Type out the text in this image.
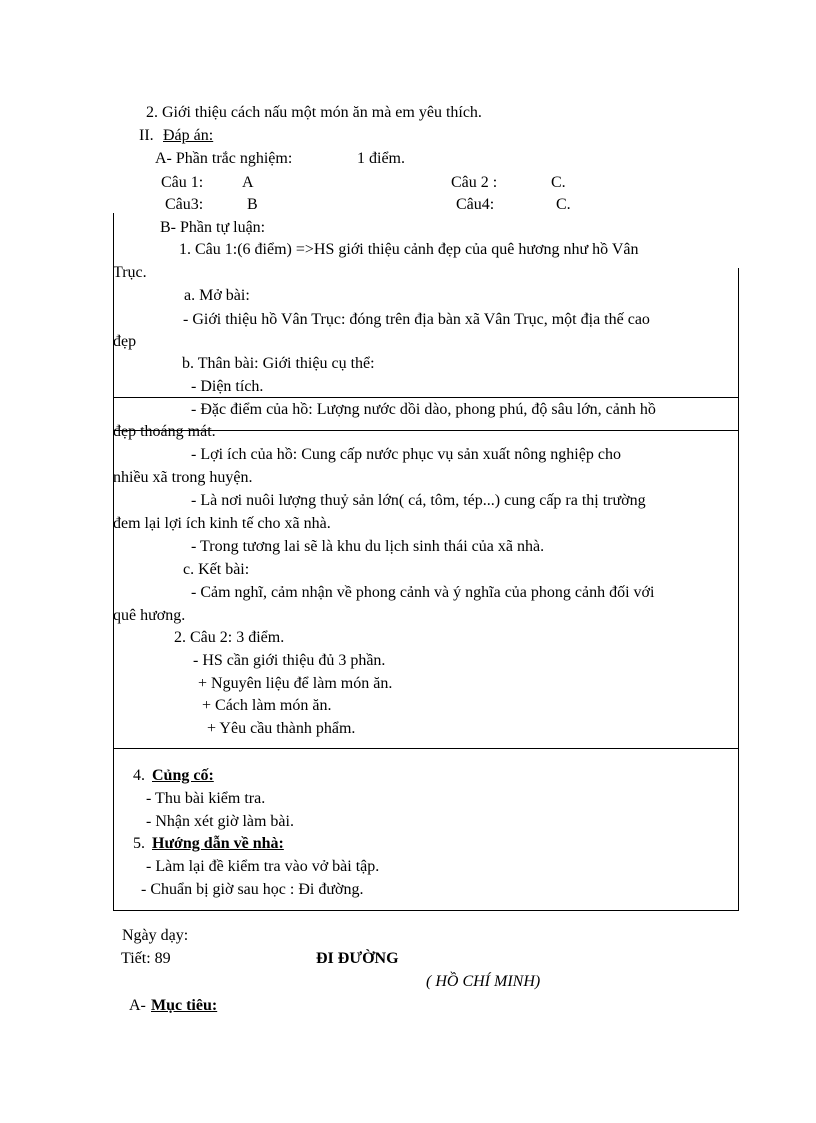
2. Giới thiệu cách nấu một món ăn mà em yêu thích.
II. Đáp án:
A- Phần trắc nghiệm:	1 điểm.
Câu 1: A	Câu 2 :	C.
Câu3:	B	Câu4:	C.
B- Phần tự luận:
1. Câu 1:(6 điểm) =>HS giới thiệu cảnh đẹp của quê hương như hồ Vân
Trục.
a. Mở bài:
- Giới thiệu hồ Vân Trục: đóng trên địa bàn xã Vân Trục, một địa thế cao
đẹp
b. Thân bài: Giới thiệu cụ thể:
- Diện tích.
- Đặc điểm của hồ: Lượng nước dồi dào, phong phú, độ sâu lớn, cảnh hồ
đẹp thoáng mát.
- Lợi ích của hồ: Cung cấp nước phục vụ sản xuất nông nghiệp cho
nhiều xã trong huyện.
- Là nơi nuôi lượng thuỷ sản lớn( cá, tôm, tép...) cung cấp ra thị trường
đem lại lợi ích kinh tế cho xã nhà.
- Trong tương lai sẽ là khu du lịch sinh thái của xã nhà.
c. Kết bài:
- Cảm nghĩ, cảm nhận về phong cảnh và ý nghĩa của phong cảnh đối với
quê hương.
2. Câu 2: 3 điểm.
- HS cần giới thiệu đủ 3 phần.
+ Nguyên liệu để làm món ăn.
+ Cách làm món ăn.
+ Yêu cầu thành phẩm.
4. Củng cố:
- Thu bài kiểm tra.
- Nhận xét giờ làm bài.
5. Hướng dẫn về nhà:
- Làm lại đề kiểm tra vào vở bài tập.
- Chuẩn bị giờ sau học : Đi đường.
Ngày dạy:
Tiết: 89	ĐI ĐƯỜNG
( HỒ CHÍ MINH)
A- Mục tiêu:
